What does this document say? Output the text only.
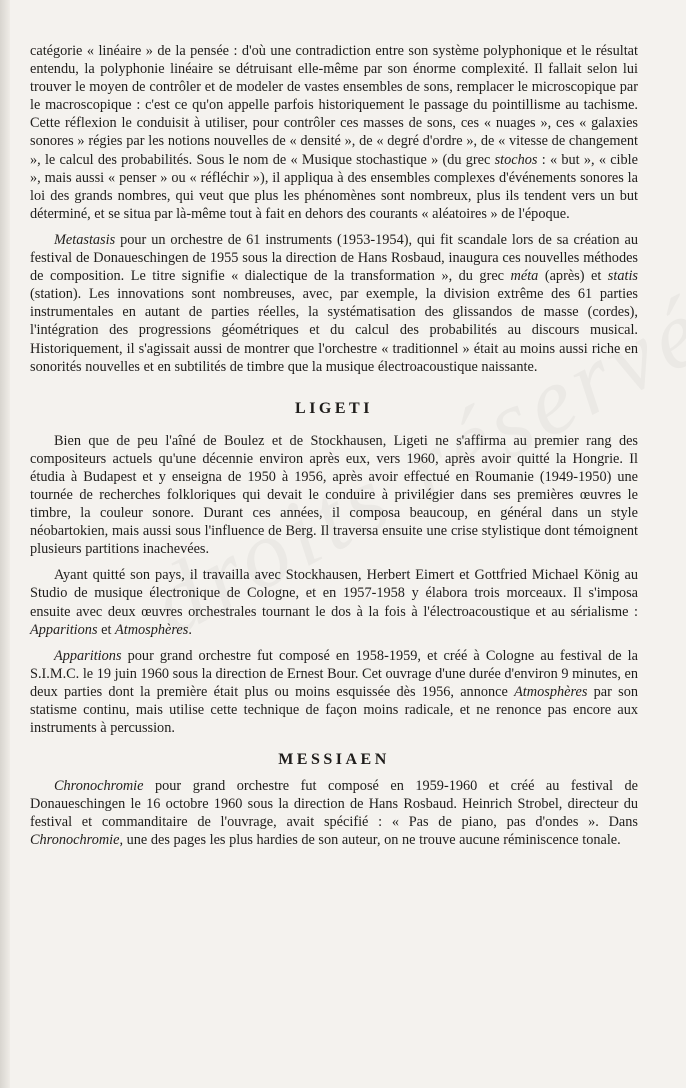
catégorie « linéaire » de la pensée : d'où une contradiction entre son système polyphonique et le résultat entendu, la polyphonie linéaire se détruisant elle-même par son énorme complexité. Il fallait selon lui trouver le moyen de contrôler et de modeler de vastes ensembles de sons, remplacer le microscopique par le macroscopique : c'est ce qu'on appelle parfois historiquement le passage du pointillisme au tachisme. Cette réflexion le conduisit à utiliser, pour contrôler ces masses de sons, ces « nuages », ces « galaxies sonores » régies par les notions nouvelles de « densité », de « degré d'ordre », de « vitesse de changement », le calcul des probabilités. Sous le nom de « Musique stochastique » (du grec stochos : « but », « cible », mais aussi « penser » ou « réfléchir »), il appliqua à des ensembles complexes d'événements sonores la loi des grands nombres, qui veut que plus les phénomènes sont nombreux, plus ils tendent vers un but déterminé, et se situa par là-même tout à fait en dehors des courants « aléatoires » de l'époque.

Metastasis pour un orchestre de 61 instruments (1953-1954), qui fit scandale lors de sa création au festival de Donaueschingen de 1955 sous la direction de Hans Rosbaud, inaugura ces nouvelles méthodes de composition. Le titre signifie « dialectique de la transformation », du grec méta (après) et statis (station). Les innovations sont nombreuses, avec, par exemple, la division extrême des 61 parties instrumentales en autant de parties réelles, la systématisation des glissandos de masse (cordes), l'intégration des progressions géométriques et du calcul des probabilités au discours musical. Historiquement, il s'agissait aussi de montrer que l'orchestre « traditionnel » était au moins aussi riche en sonorités nouvelles et en subtilités de timbre que la musique électroacoustique naissante.

LIGETI

Bien que de peu l'aîné de Boulez et de Stockhausen, Ligeti ne s'affirma au premier rang des compositeurs actuels qu'une décennie environ après eux, vers 1960, après avoir quitté la Hongrie. Il étudia à Budapest et y enseigna de 1950 à 1956, après avoir effectué en Roumanie (1949-1950) une tournée de recherches folkloriques qui devait le conduire à privilégier dans ses premières œuvres le timbre, la couleur sonore. Durant ces années, il composa beaucoup, en général dans un style néobartokien, mais aussi sous l'influence de Berg. Il traversa ensuite une crise stylistique dont témoignent plusieurs partitions inachevées.

Ayant quitté son pays, il travailla avec Stockhausen, Herbert Eimert et Gottfried Michael König au Studio de musique électronique de Cologne, et en 1957-1958 y élabora trois morceaux. Il s'imposa ensuite avec deux œuvres orchestrales tournant le dos à la fois à l'électroacoustique et au sérialisme : Apparitions et Atmosphères.

Apparitions pour grand orchestre fut composé en 1958-1959, et créé à Cologne au festival de la S.I.M.C. le 19 juin 1960 sous la direction de Ernest Bour. Cet ouvrage d'une durée d'environ 9 minutes, en deux parties dont la première était plus ou moins esquissée dès 1956, annonce Atmosphères par son statisme continu, mais utilise cette technique de façon moins radicale, et ne renonce pas encore aux instruments à percussion.

MESSIAEN

Chronochromie pour grand orchestre fut composé en 1959-1960 et créé au festival de Donaueschingen le 16 octobre 1960 sous la direction de Hans Rosbaud. Heinrich Strobel, directeur du festival et commanditaire de l'ouvrage, avait spécifié : « Pas de piano, pas d'ondes ». Dans Chronochromie, une des pages les plus hardies de son auteur, on ne trouve aucune réminiscence tonale.
